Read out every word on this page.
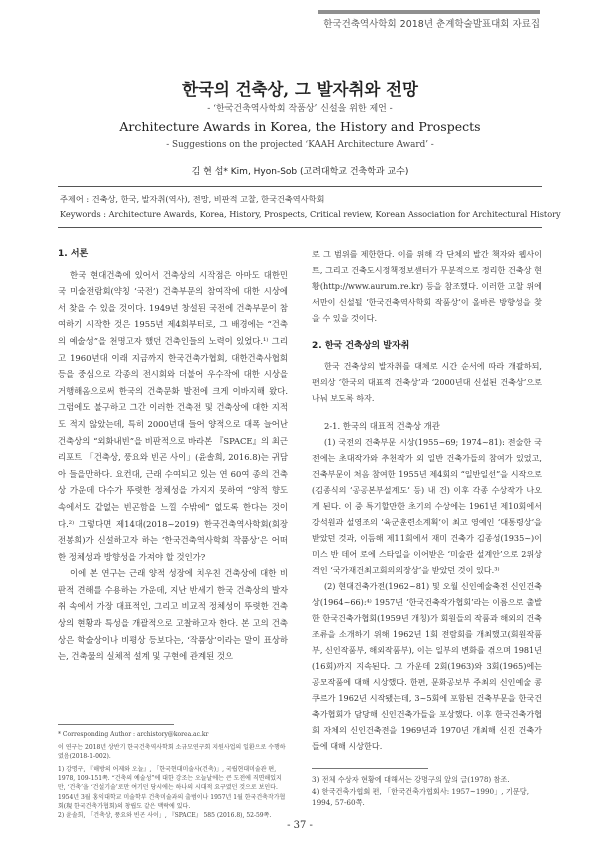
한국건축역사학회 2018년 춘계학술발표대회 자료집
한국의 건축상, 그 발자취와 전망
- ‘한국건축역사학회 작품상’ 신설을 위한 제언 -
Architecture Awards in Korea, the History and Prospects
- Suggestions on the projected ‘KAAH Architecture Award’ -
김 현 섭* Kim, Hyon-Sob (고려대학교 건축학과 교수)
주제어 : 건축상, 한국, 발자취(역사), 전망, 비판적 고찰, 한국건축역사학회
Keywords : Architecture Awards, Korea, History, Prospects, Critical review, Korean Association for Architectural History
1. 서론

한국 현대건축에 있어서 건축상의 시작점은 아마도 대한민국 미술전람회(약칭 ‘국전’) 건축부문의 참여작에 대한 시상에서 찾을 수 있을 것이다. 1949년 창설된 국전에 건축부문이 참여하기 시작한 것은 1955년 제4회부터로, 그 배경에는 “건축의 예술성”을 천명고자 했던 건축인들의 노력이 있었다.¹⁾ 그리고 1960년대 이래 지금까지 한국건축가협회, 대한건축사협회 등을 중심으로 각종의 전시회와 더불어 우수작에 대한 시상을 거행해옴으로써 한국의 건축문화 발전에 크게 이바지해 왔다. 그럼에도 불구하고 그간 이러한 건축전 및 건축상에 대한 지적도 적지 않았는데, 특히 2000년대 들어 양적으로 대폭 늘어난 건축상의 “외화내빈”을 비판적으로 바라본 『SPACE』의 최근 리포트 「건축상, 풍요와 빈곤 사이」(윤솔희, 2016.8)는 귀담아 들을만하다. 요컨대, 근래 수여되고 있는 연 60여 종의 건축상 가운데 다수가 뚜렷한 정체성을 가지지 못하여 “양적 향도 속에서도 같없는 빈곤함을 느낄 수밖에” 없도록 한다는 것이다.²⁾ 그렇다면 제14대(2018~2019) 한국건축역사학회(회장 전봉희)가 신설하고자 하는 ‘한국건축역사학회 작품상’은 어떠한 정체성과 방향성을 가져야 할 것인가?

이에 본 연구는 근래 양적 성장에 치우친 건축상에 대한 비판적 견해를 수용하는 가운데, 지난 반세기 한국 건축상의 발자취 속에서 가장 대표적인, 그리고 비교적 정체성이 뚜렷한 건축상의 현황과 특성을 개괄적으로 고찰하고자 한다. 본 고의 건축상은 학술상이나 비평상 등보다는, ‘작품상’이라는 말이 표상하는, 건축물의 실체적 설계 및 구현에 관계된 것으

로 그 범위를 제한한다. 이를 위해 각 단체의 발간 책자와 웹사이트, 그리고 건축도시정책정보센터가 무분적으로 정리한 건축상 현황(http://www.aurum.re.kr) 등을 참조했다. 이러한 고찰 위에서만이 신설될 ‘한국건축역사학회 작품상’이 올바른 방향성을 찾을 수 있을 것이다.

2. 한국 건축상의 발자취

한국 건축상의 발자취를 대체로 시간 순서에 따라 개괄하되, 편의상 ‘한국의 대표적 건축상’과 ‘2000년대 신설된 건축상’으로 나눠 보도록 하자.

2-1. 한국의 대표적 건축상 개관

(1) 국전의 건축부문 시상(1955~69; 1974~81): 전술한 국전에는 초대작가와 추천작가 외 일반 건축가들의 참여가 있었고, 건축부문이 처음 참여한 1955년 제4회의 “일반일선”을 시작으로(김종식의 ‘공공본부설계도’ 등) 내 건) 이후 각종 수상작가 나오게 된다. 이 중 특기할만한 초기의 수상에는 1961년 제10회에서 강석원과 설영조의 ‘육군훈련소계획’이 최고 영예인 ‘대통령상’을 받았던 것과, 이듬해 제11회에서 재미 건축가 김종성(1935~)이 미스 반 데어 로에 스타일을 이어받은 ‘미술관 설계안’으로 2위상 격인 ‘국가재건최고회의의장상’을 받았던 것이 있다.³⁾

(2) 현대건축가전(1962~81) 및 오월 신인예술축전 신인건축상(1964~66):⁴⁾ 1957년 ‘한국건축작가협회’라는 이름으로 출발한 한국건축가협회(1959년 개칭)가 회원들의 작품과 해외의 건축 조류을 소개하기 위해 1962년 1회 전람회를 개최했고(회원작품부, 신인작품부, 해외작품부), 이는 일부의 변화를 겪으며 1981년(16회)까지 지속된다. 그 가운데 2회(1963)와 3회(1965)에는 공모작품에 대해 시상했다. 한편, 문화공보부 주최의 신인예술 콩쿠르가 1962년 시작됐는데, 3~5회에 포함된 건축부문을 한국건축가협회가 담당해 신인건축가들을 포상했다. 이후 한국건축가협회 자체의 신인건축전을 1969년과 1970년 개최해 신진 건축가들에 대해 시상한다.

* Corresponding Author : archistory@korea.ac.kr

이 연구는 2018년 상반기 한국건축역사학회 소규모연구회 지원사업의 일환으로 수행하였음(2018-1-002).

1) 강명구, 『해방의 어제와 오늘』, 「한국현대미술사(건축)」, 국립현대미술관 편, 1978, 109-151쪽. “건축의 예술성”에 대한 강조는 오늘날에는 큰 도전에 직면해있지만, ‘건축’을 ‘건설기술’로만 여기던 당시에는 하나의 시대적 요구였던 것으로 보인다. 1954년 3월 홍익대학교 미술학부 건축미술과의 출범이나 1957년 1월 한국건축작가협회(現 한국건축가협회)의 창립도 같은 맥락에 있다.

2) 윤솔희, 「건축상, 풍요와 빈곤 사이」, 『SPACE』 585 (2016.8), 52-59쪽.

3) 전체 수상자 현황에 대해서는 강명구의 앞의 글(1978) 참조.

4) 한국건축가협회 편, 「한국건축가협회사: 1957~1990」, 기문당, 1994, 57-60쪽.

- 37 -
